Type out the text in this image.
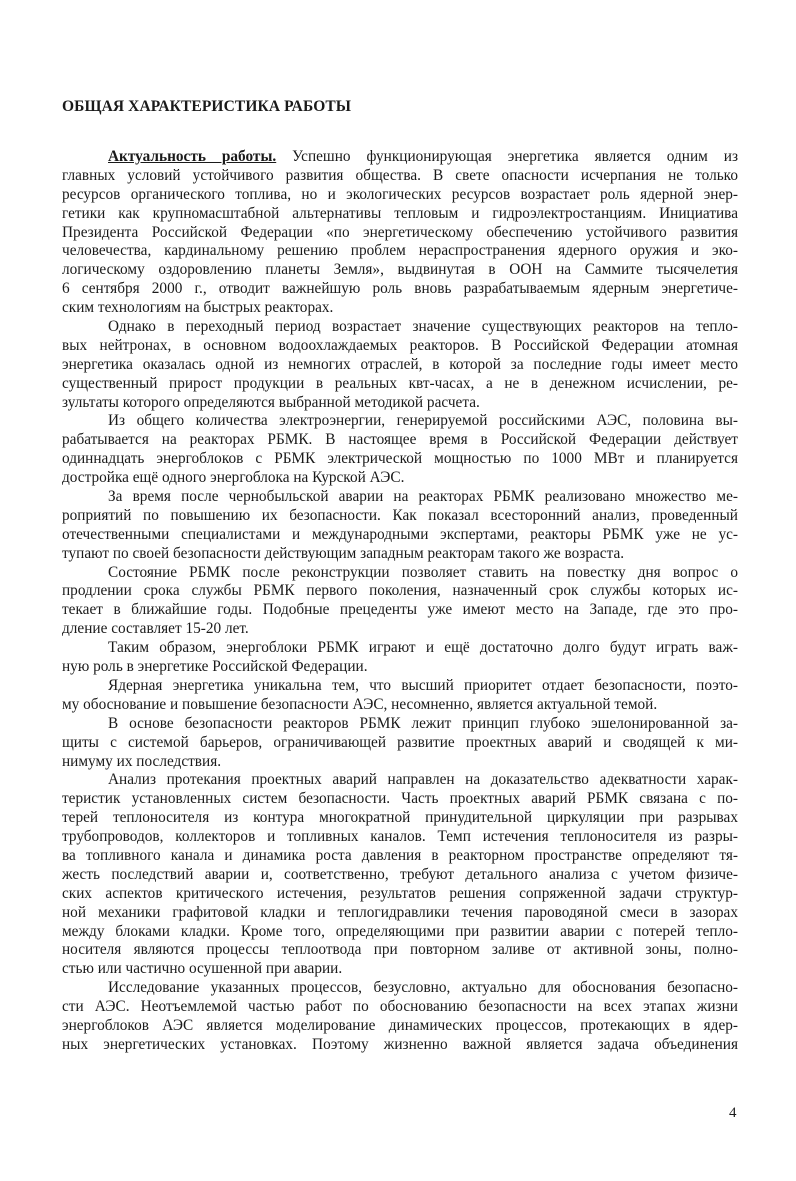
ОБЩАЯ ХАРАКТЕРИСТИКА РАБОТЫ
Актуальность работы. Успешно функционирующая энергетика является одним из
главных условий устойчивого развития общества. В свете опасности исчерпания не только
ресурсов органического топлива, но и экологических ресурсов возрастает роль ядерной энер-
гетики как крупномасштабной альтернативы тепловым и гидроэлектростанциям. Инициатива
Президента Российской Федерации «по энергетическому обеспечению устойчивого развития
человечества, кардинальному решению проблем нераспространения ядерного оружия и эко-
логическому оздоровлению планеты Земля», выдвинутая в ООН на Саммите тысячелетия
6 сентября 2000 г., отводит важнейшую роль вновь разрабатываемым ядерным энергетиче-
ским технологиям на быстрых реакторах.
Однако в переходный период возрастает значение существующих реакторов на тепло-
вых нейтронах, в основном водоохлаждаемых реакторов. В Российской Федерации атомная
энергетика оказалась одной из немногих отраслей, в которой за последние годы имеет место
существенный прирост продукции в реальных квт-часах, а не в денежном исчислении, ре-
зультаты которого определяются выбранной методикой расчета.
Из общего количества электроэнергии, генерируемой российскими АЭС, половина вы-
рабатывается на реакторах РБМК. В настоящее время в Российской Федерации действует
одиннадцать энергоблоков с РБМК электрической мощностью по 1000 МВт и планируется
достройка ещё одного энергоблока на Курской АЭС.
За время после чернобыльской аварии на реакторах РБМК реализовано множество ме-
роприятий по повышению их безопасности. Как показал всесторонний анализ, проведенный
отечественными специалистами и международными экспертами, реакторы РБМК уже не ус-
тупают по своей безопасности действующим западным реакторам такого же возраста.
Состояние РБМК после реконструкции позволяет ставить на повестку дня вопрос о
продлении срока службы РБМК первого поколения, назначенный срок службы которых ис-
текает в ближайшие годы. Подобные прецеденты уже имеют место на Западе, где это про-
дление составляет 15-20 лет.
Таким образом, энергоблоки РБМК играют и ещё достаточно долго будут играть важ-
ную роль в энергетике Российской Федерации.
Ядерная энергетика уникальна тем, что высший приоритет отдает безопасности, поэто-
му обоснование и повышение безопасности АЭС, несомненно, является актуальной темой.
В основе безопасности реакторов РБМК лежит принцип глубоко эшелонированной за-
щиты с системой барьеров, ограничивающей развитие проектных аварий и сводящей к ми-
нимуму их последствия.
Анализ протекания проектных аварий направлен на доказательство адекватности харак-
теристик установленных систем безопасности. Часть проектных аварий РБМК связана с по-
терей теплоносителя из контура многократной принудительной циркуляции при разрывах
трубопроводов, коллекторов и топливных каналов. Темп истечения теплоносителя из разры-
ва топливного канала и динамика роста давления в реакторном пространстве определяют тя-
жесть последствий аварии и, соответственно, требуют детального анализа с учетом физиче-
ских аспектов критического истечения, результатов решения сопряженной задачи структур-
ной механики графитовой кладки и теплогидравлики течения пароводяной смеси в зазорах
между блоками кладки. Кроме того, определяющими при развитии аварии с потерей тепло-
носителя являются процессы теплоотвода при повторном заливе от активной зоны, полно-
стью или частично осушенной при аварии.
Исследование указанных процессов, безусловно, актуально для обоснования безопасно-
сти АЭС. Неотъемлемой частью работ по обоснованию безопасности на всех этапах жизни
энергоблоков АЭС является моделирование динамических процессов, протекающих в ядер-
ных энергетических установках. Поэтому жизненно важной является задача объединения
4
